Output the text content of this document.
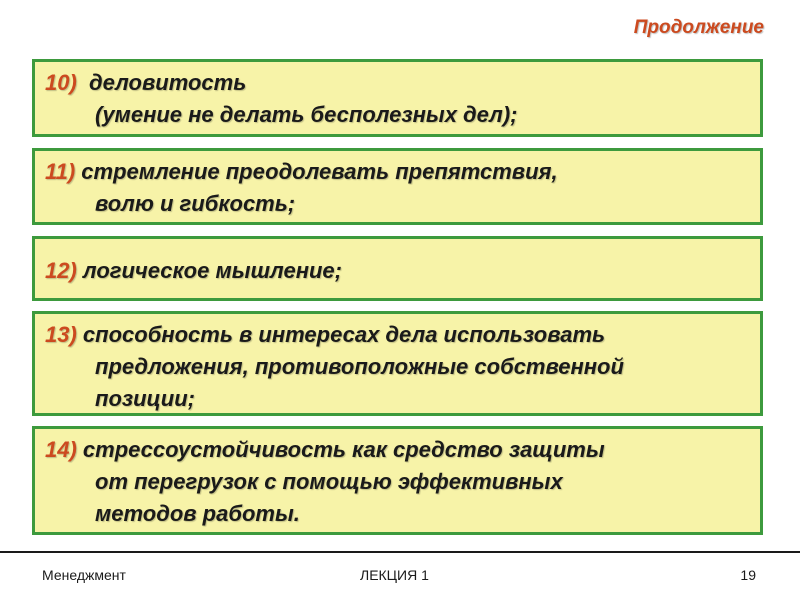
Продолжение
10) деловитость
(умение не делать бесполезных дел);
11) стремление преодолевать препятствия,
волю и гибкость;
12) логическое мышление;
13) способность в интересах дела использовать
предложения, противоположные собственной
позиции;
14) стрессоустойчивость как средство защиты
от перегрузок с помощью эффективных
методов работы.
Менеджмент	ЛЕКЦИЯ 1	19
